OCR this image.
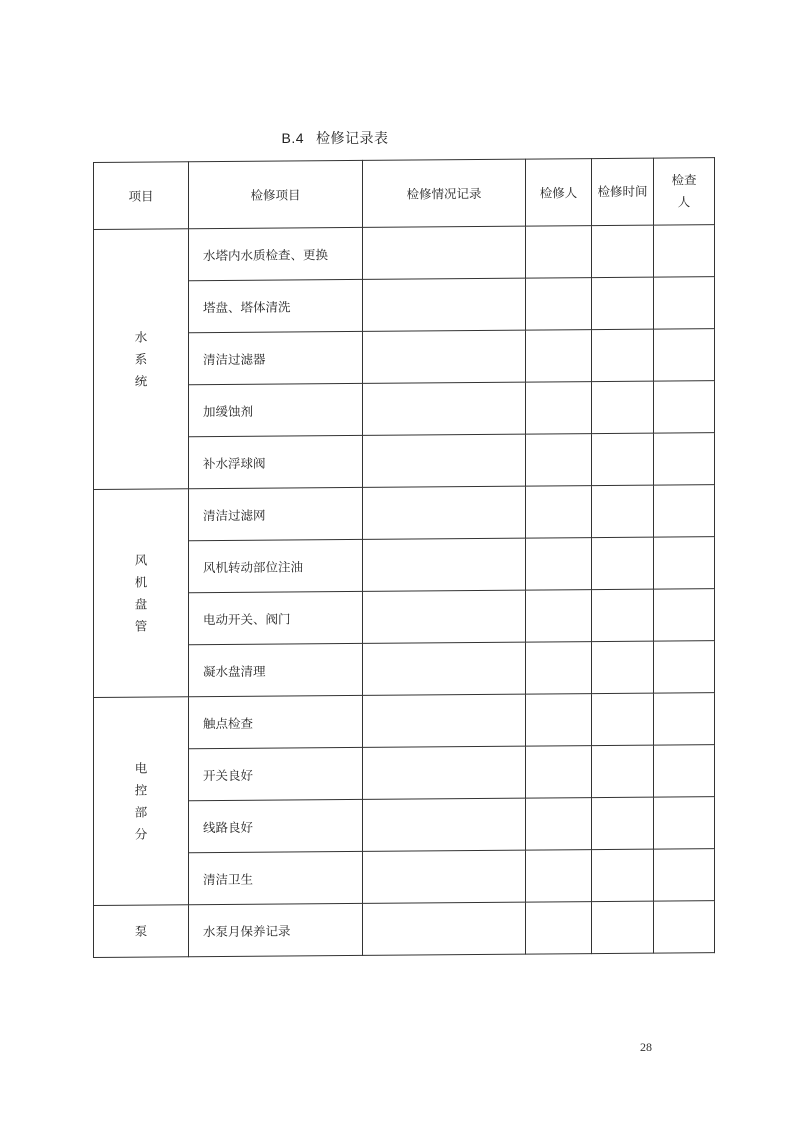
B.4 检修记录表
项目	检修项目	检修情况记录	检修人	检修时间	检查人
水系统	水塔内水质检查、更换				
	塔盘、塔体清洗				
	清洁过滤器				
	加缓蚀剂				
	补水浮球阀				
风机盘管	清洁过滤网				
	风机转动部位注油				
	电动开关、阀门				
	凝水盘清理				
电控部分	触点检查				
	开关良好				
	线路良好				
	清洁卫生				
泵	水泵月保养记录				
28
